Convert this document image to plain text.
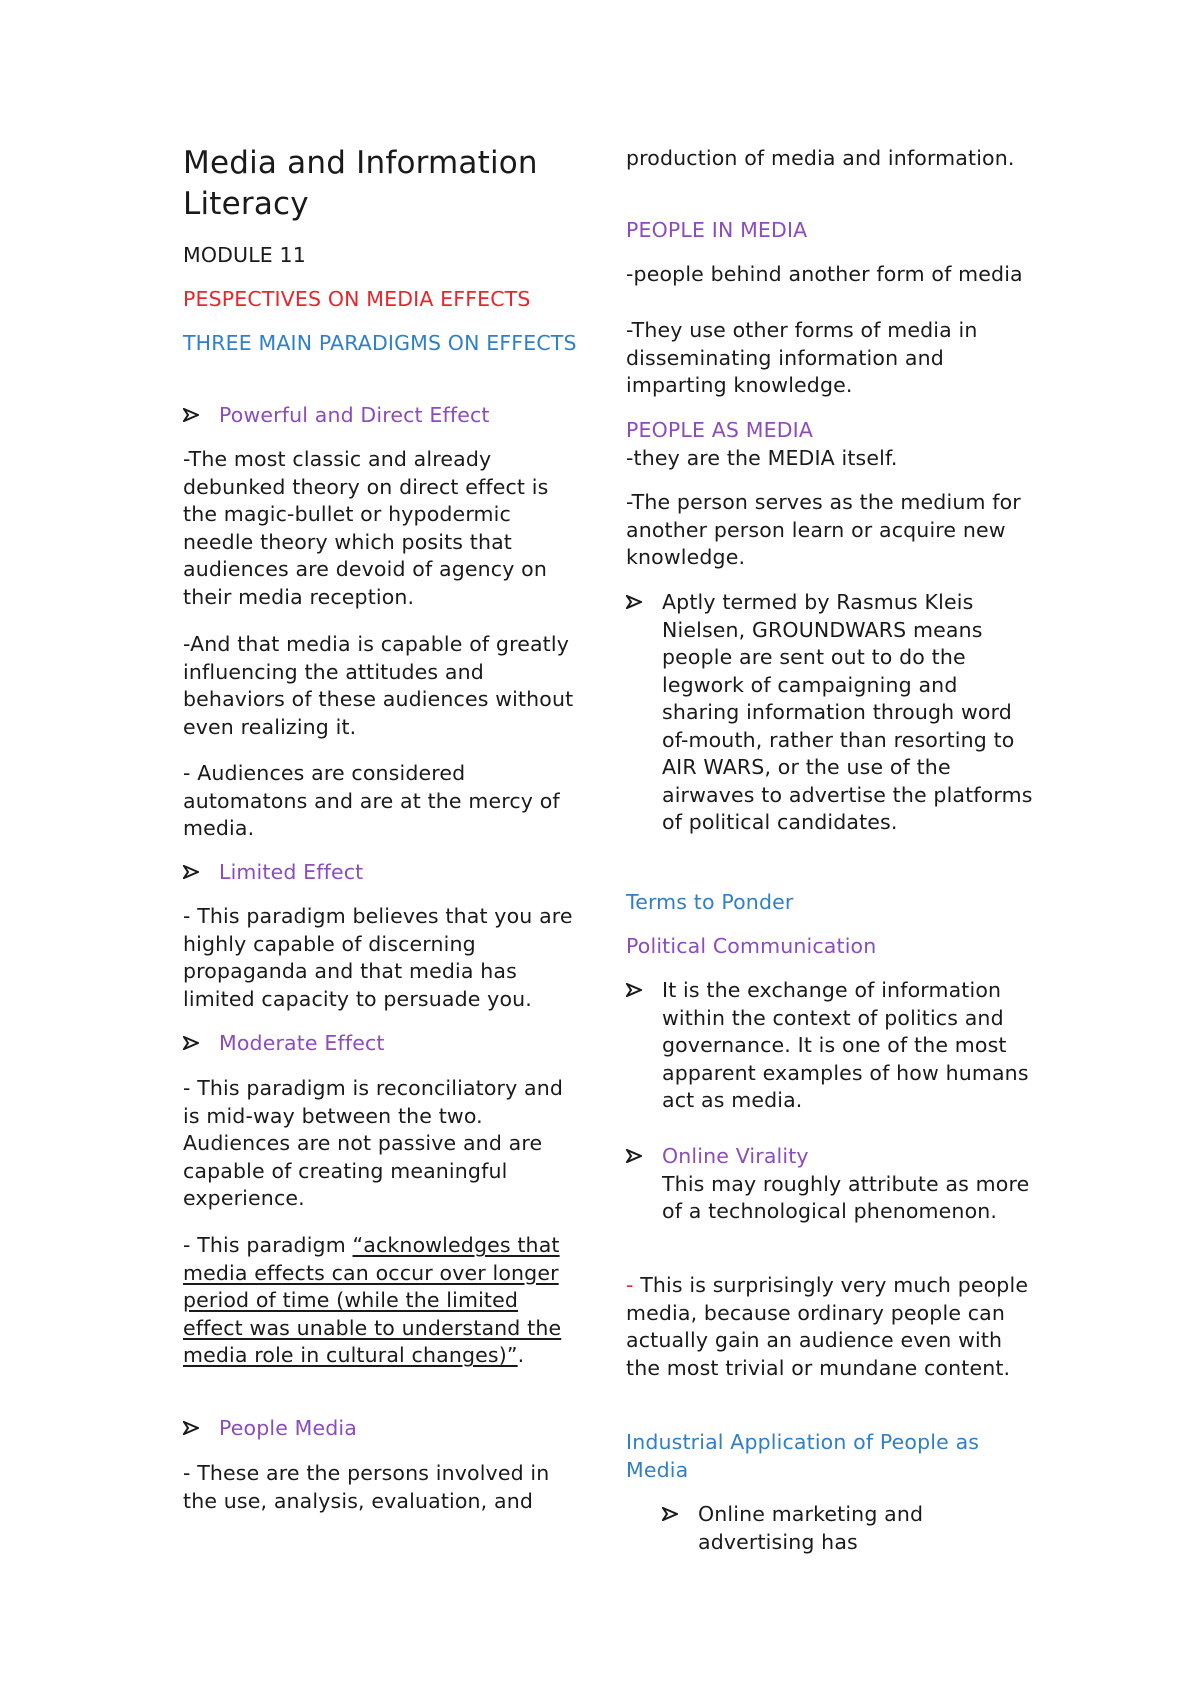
Media and Information Literacy
MODULE 11
PESPECTIVES ON MEDIA EFFECTS
THREE MAIN PARADIGMS ON EFFECTS
Powerful and Direct Effect
-The most classic and already debunked theory on direct effect is the magic-bullet or hypodermic needle theory which posits that audiences are devoid of agency on their media reception.
-And that media is capable of greatly influencing the attitudes and behaviors of these audiences without even realizing it.
- Audiences are considered automatons and are at the mercy of media.
Limited Effect
- This paradigm believes that you are highly capable of discerning propaganda and that media has limited capacity to persuade you.
Moderate Effect
- This paradigm is reconciliatory and is mid-way between the two. Audiences are not passive and are capable of creating meaningful experience.
- This paradigm “acknowledges that media effects can occur over longer period of time (while the limited effect was unable to understand the media role in cultural changes)”.
People Media
- These are the persons involved in the use, analysis, evaluation, and
production of media and information.
PEOPLE IN MEDIA
-people behind another form of media
-They use other forms of media in disseminating information and imparting knowledge.
PEOPLE AS MEDIA
-they are the MEDIA itself.
-The person serves as the medium for another person learn or acquire new knowledge.
Aptly termed by Rasmus Kleis Nielsen, GROUNDWARS means people are sent out to do the legwork of campaigning and sharing information through word of-mouth, rather than resorting to AIR WARS, or the use of the airwaves to advertise the platforms of political candidates.
Terms to Ponder
Political Communication
It is the exchange of information within the context of politics and governance. It is one of the most apparent examples of how humans act as media.
Online Virality
This may roughly attribute as more of a technological phenomenon.
- This is surprisingly very much people media, because ordinary people can actually gain an audience even with the most trivial or mundane content.
Industrial Application of People as Media
Online marketing and advertising has
